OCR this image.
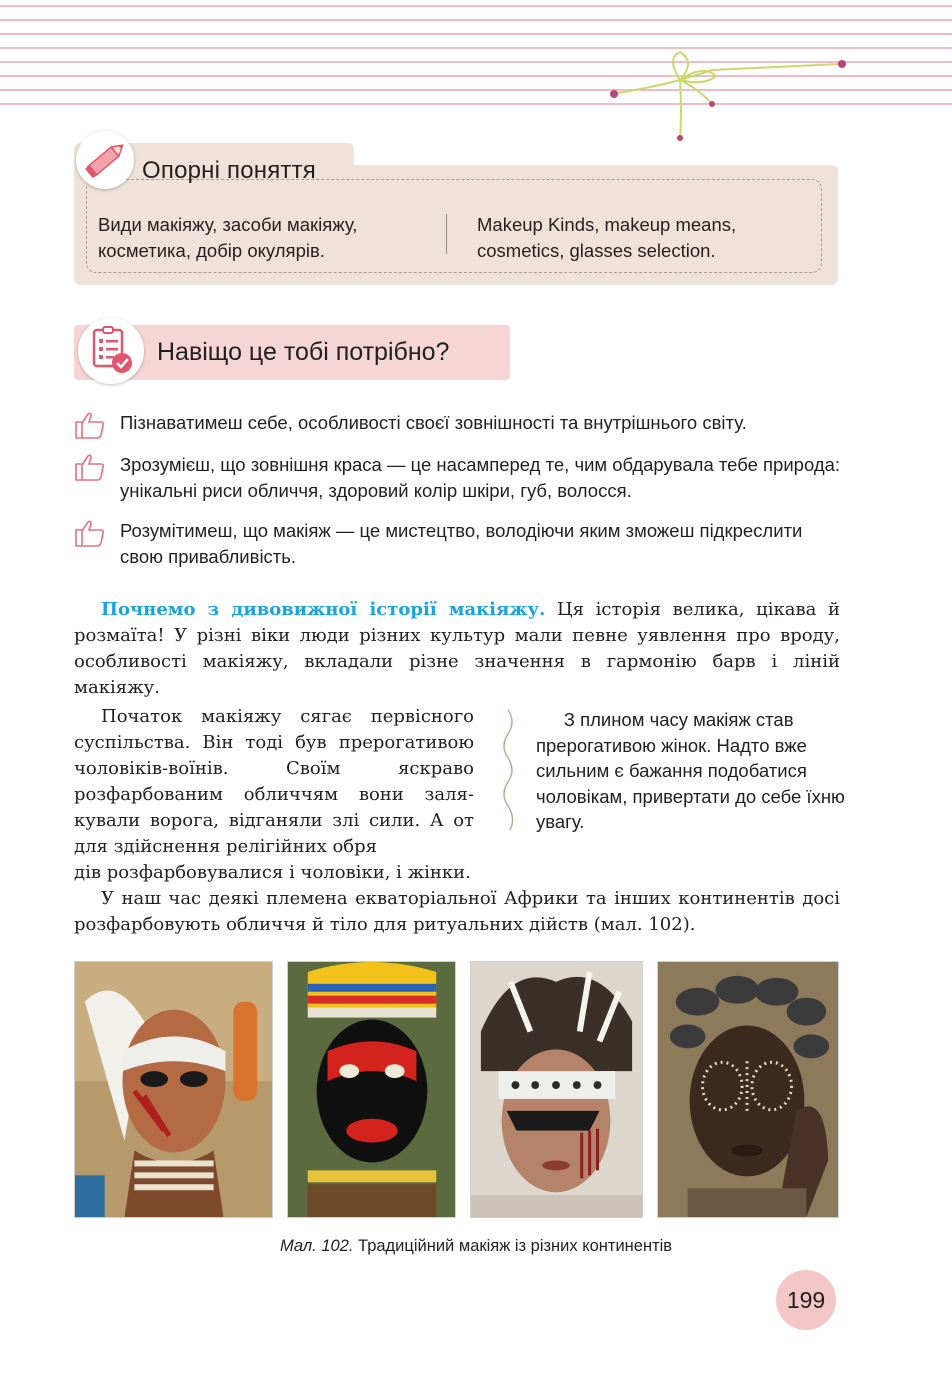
Опорні поняття
Види макіяжу, засоби макіяжу, косметика, добір окулярів.
Makeup Kinds, makeup means, cosmetics, glasses selection.
Навіщо це тобі потрібно?
Пізнаватимеш себе, особливості своєї зовнішності та внутрішнього світу.
Зрозумієш, що зовнішня краса — це насамперед те, чим обдарувала тебе природа: унікальні риси обличчя, здоровий колір шкіри, губ, волосся.
Розумітимеш, що макіяж — це мистецтво, володіючи яким зможеш підкреслити свою привабливість.
  Почнемо з дивовижної історії макіяжу. Ця історія велика, цікава й розмаїта! У різні віки люди різних культур мали певне уявлення про вроду, особливості макіяжу, вкладали різне значення в гармонію барв і ліній макіяжу.
  Початок макіяжу сягає первісного суспільства. Він тоді був прерогативою чоловіків-воїнів. Своїм яскраво розфарбованим обличчям вони залякували ворога, відганяли злі сили. А от для здійснення релігійних обря
дів розфарбовувалися і чоловіки, і жінки.
  З плином часу макіяж став прерогативою жінок. Надто вже сильним є бажання подобатися чоловікам, привертати до себе їхню увагу.
  У наш час деякі племена екваторіальної Африки та інших континентів досі розфарбовують обличчя й тіло для ритуальних дійств (мал. 102).
Мал. 102. Традиційний макіяж із різних континентів
199
